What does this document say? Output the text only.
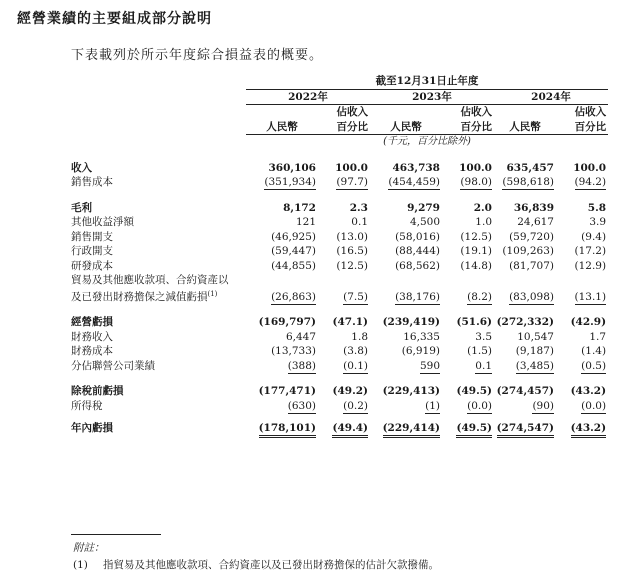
經營業績的主要組成部分說明
下表載列於所示年度綜合損益表的概要。
	截至12月31日止年度					
	2022年		2023年		2024年	
		佔收入		佔收入		佔收入
	人民幣	百分比	人民幣	百分比	人民幣	百分比
	(千元，百分比除外)					

收入	360,106	100.0	463,738	100.0	635,457	100.0
銷售成本	(351,934)	(97.7)	(454,459)	(98.0)	(598,618)	(94.2)

毛利	8,172	2.3	9,279	2.0	36,839	5.8
其他收益淨額	121	0.1	4,500	1.0	24,617	3.9
銷售開支	(46,925)	(13.0)	(58,016)	(12.5)	(59,720)	(9.4)
行政開支	(59,447)	(16.5)	(88,444)	(19.1)	(109,263)	(17.2)
研發成本	(44,855)	(12.5)	(68,562)	(14.8)	(81,707)	(12.9)

貿易及其他應收款項、合約資產以
及已發出財務擔保之減值虧損$^{(1)}$	(26,863)	(7.5)	(38,176)	(8.2)	(83,098)	(13.1)

經營虧損	(169,797)	(47.1)	(239,419)	(51.6)	(272,332)	(42.9)
財務收入	6,447	1.8	16,335	3.5	10,547	1.7
財務成本	(13,733)	(3.8)	(6,919)	(1.5)	(9,187)	(1.4)
分佔聯營公司業績	(388)	(0.1)	590	0.1	(3,485)	(0.5)

除稅前虧損	(177,471)	(49.2)	(229,413)	(49.5)	(274,457)	(43.2)
所得稅	(630)	(0.2)	(1)	(0.0)	(90)	(0.0)

年內虧損	(178,101)	(49.4)	(229,414)	(49.5)	(274,547)	(43.2)
附註：
(1) 指貿易及其他應收款項、合約資產以及已發出財務擔保的估計欠款撥備。
